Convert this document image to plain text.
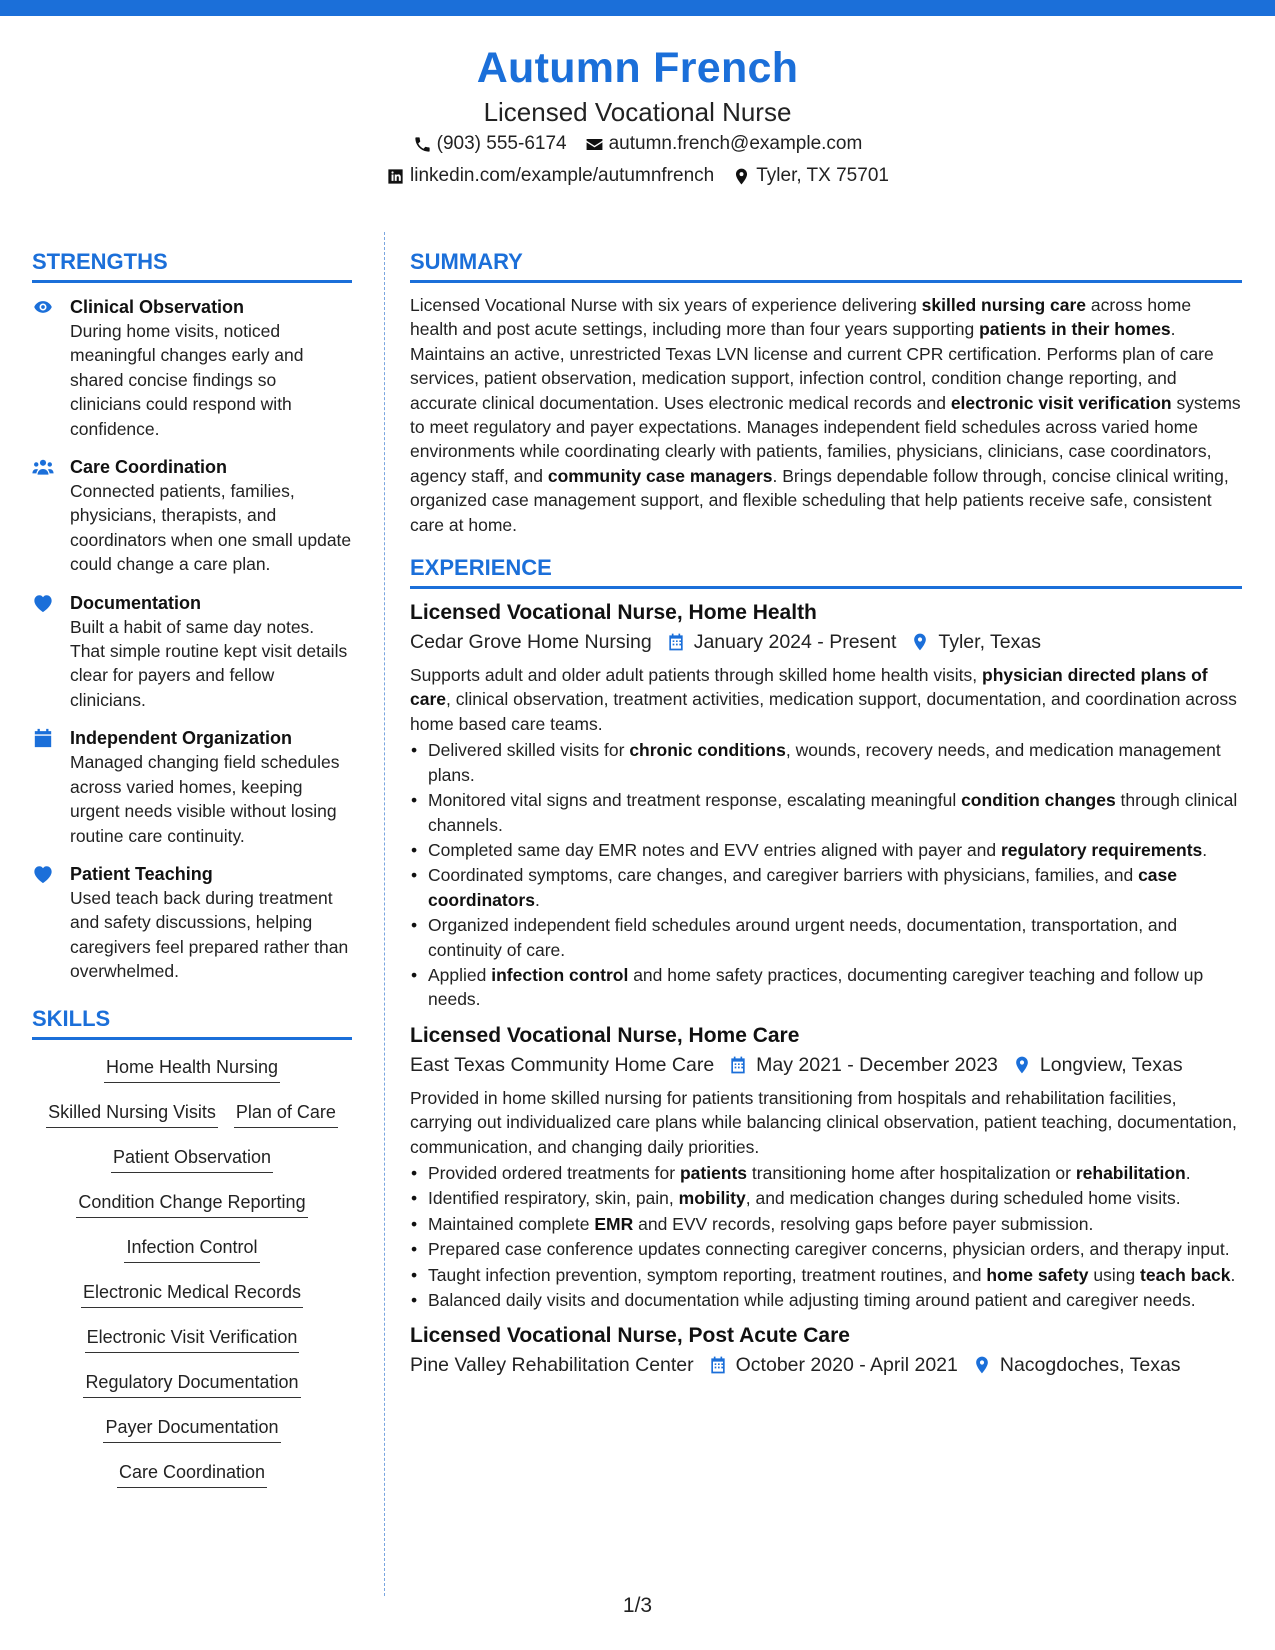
Autumn French
Licensed Vocational Nurse
(903) 555-6174 autumn.french@example.com
linkedin.com/example/autumnfrench Tyler, TX 75701
STRENGTHS
Clinical Observation
During home visits, noticed meaningful changes early and shared concise findings so clinicians could respond with confidence.
Care Coordination
Connected patients, families, physicians, therapists, and coordinators when one small update could change a care plan.
Documentation
Built a habit of same day notes. That simple routine kept visit details clear for payers and fellow clinicians.
Independent Organization
Managed changing field schedules across varied homes, keeping urgent needs visible without losing routine care continuity.
Patient Teaching
Used teach back during treatment and safety discussions, helping caregivers feel prepared rather than overwhelmed.
SKILLS
Home Health Nursing
Skilled Nursing Visits Plan of Care
Patient Observation
Condition Change Reporting
Infection Control
Electronic Medical Records
Electronic Visit Verification
Regulatory Documentation
Payer Documentation
Care Coordination
SUMMARY

Licensed Vocational Nurse with six years of experience delivering skilled nursing care across home health and post acute settings, including more than four years supporting patients in their homes. Maintains an active, unrestricted Texas LVN license and current CPR certification. Performs plan of care services, patient observation, medication support, infection control, condition change reporting, and accurate clinical documentation. Uses electronic medical records and electronic visit verification systems to meet regulatory and payer expectations. Manages independent field schedules across varied home environments while coordinating clearly with patients, families, physicians, clinicians, case coordinators, agency staff, and community case managers. Brings dependable follow through, concise clinical writing, organized case management support, and flexible scheduling that help patients receive safe, consistent care at home.

EXPERIENCE
Licensed Vocational Nurse, Home Health
Cedar Grove Home Nursing January 2024 - Present Tyler, Texas
Supports adult and older adult patients through skilled home health visits, physician directed plans of care, clinical observation, treatment activities, medication support, documentation, and coordination across home based care teams.
• Delivered skilled visits for chronic conditions, wounds, recovery needs, and medication management plans.
• Monitored vital signs and treatment response, escalating meaningful condition changes through clinical channels.
• Completed same day EMR notes and EVV entries aligned with payer and regulatory requirements.
• Coordinated symptoms, care changes, and caregiver barriers with physicians, families, and case coordinators.
• Organized independent field schedules around urgent needs, documentation, transportation, and continuity of care.
• Applied infection control and home safety practices, documenting caregiver teaching and follow up needs.
Licensed Vocational Nurse, Home Care
East Texas Community Home Care May 2021 - December 2023 Longview, Texas
Provided in home skilled nursing for patients transitioning from hospitals and rehabilitation facilities, carrying out individualized care plans while balancing clinical observation, patient teaching, documentation, communication, and changing daily priorities.
• Provided ordered treatments for patients transitioning home after hospitalization or rehabilitation.
• Identified respiratory, skin, pain, mobility, and medication changes during scheduled home visits.
• Maintained complete EMR and EVV records, resolving gaps before payer submission.
• Prepared case conference updates connecting caregiver concerns, physician orders, and therapy input.
• Taught infection prevention, symptom reporting, treatment routines, and home safety using teach back.
• Balanced daily visits and documentation while adjusting timing around patient and caregiver needs.
Licensed Vocational Nurse, Post Acute Care
Pine Valley Rehabilitation Center October 2020 - April 2021 Nacogdoches, Texas
1/3
